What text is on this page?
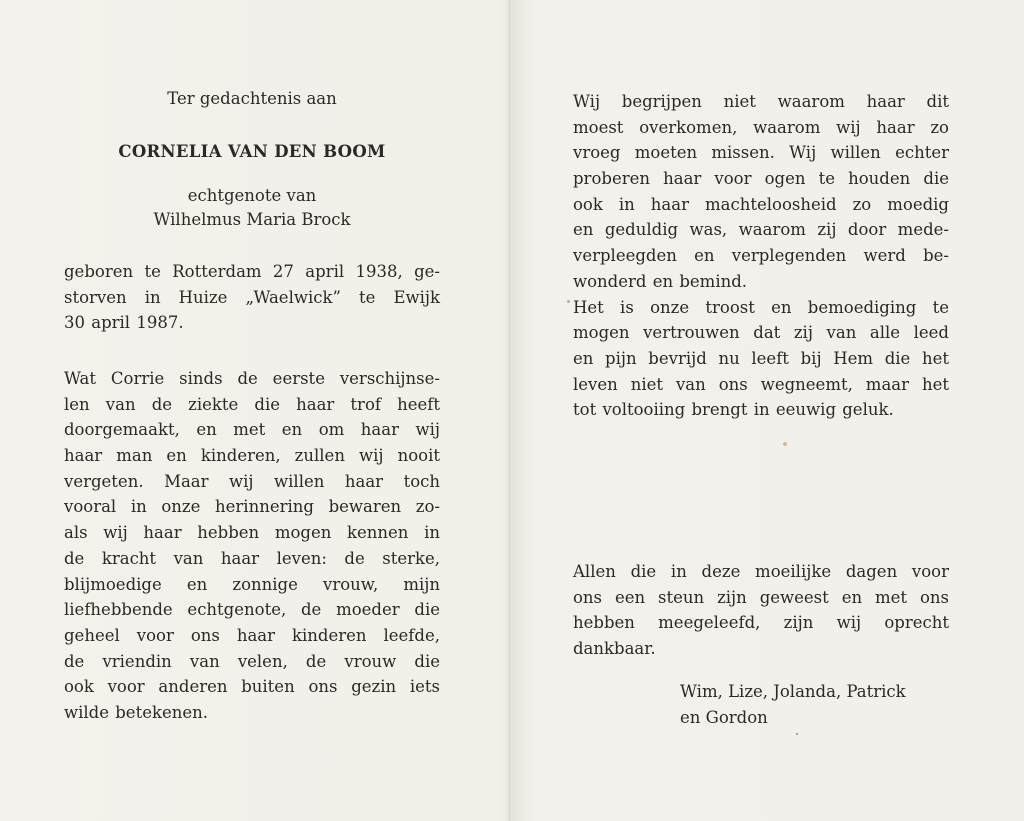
Ter gedachtenis aan
CORNELIA VAN DEN BOOM
echtgenote van
Wilhelmus Maria Brock
geboren te Rotterdam 27 april 1938, ge-
storven in Huize „Waelwick” te Ewijk
30 april 1987.
Wat Corrie sinds de eerste verschijnse-
len van de ziekte die haar trof heeft
doorgemaakt, en met en om haar wij
haar man en kinderen, zullen wij nooit
vergeten. Maar wij willen haar toch
vooral in onze herinnering bewaren zo-
als wij haar hebben mogen kennen in
de kracht van haar leven: de sterke,
blijmoedige en zonnige vrouw, mijn
liefhebbende echtgenote, de moeder die
geheel voor ons haar kinderen leefde,
de vriendin van velen, de vrouw die
ook voor anderen buiten ons gezin iets
wilde betekenen.
Wij begrijpen niet waarom haar dit
moest overkomen, waarom wij haar zo
vroeg moeten missen. Wij willen echter
proberen haar voor ogen te houden die
ook in haar machteloosheid zo moedig
en geduldig was, waarom zij door mede-
verpleegden en verplegenden werd be-
wonderd en bemind.
Het is onze troost en bemoediging te
mogen vertrouwen dat zij van alle leed
en pijn bevrijd nu leeft bij Hem die het
leven niet van ons wegneemt, maar het
tot voltooiing brengt in eeuwig geluk.
Allen die in deze moeilijke dagen voor
ons een steun zijn geweest en met ons
hebben meegeleefd, zijn wij oprecht
dankbaar.
Wim, Lize, Jolanda, Patrick
en Gordon
